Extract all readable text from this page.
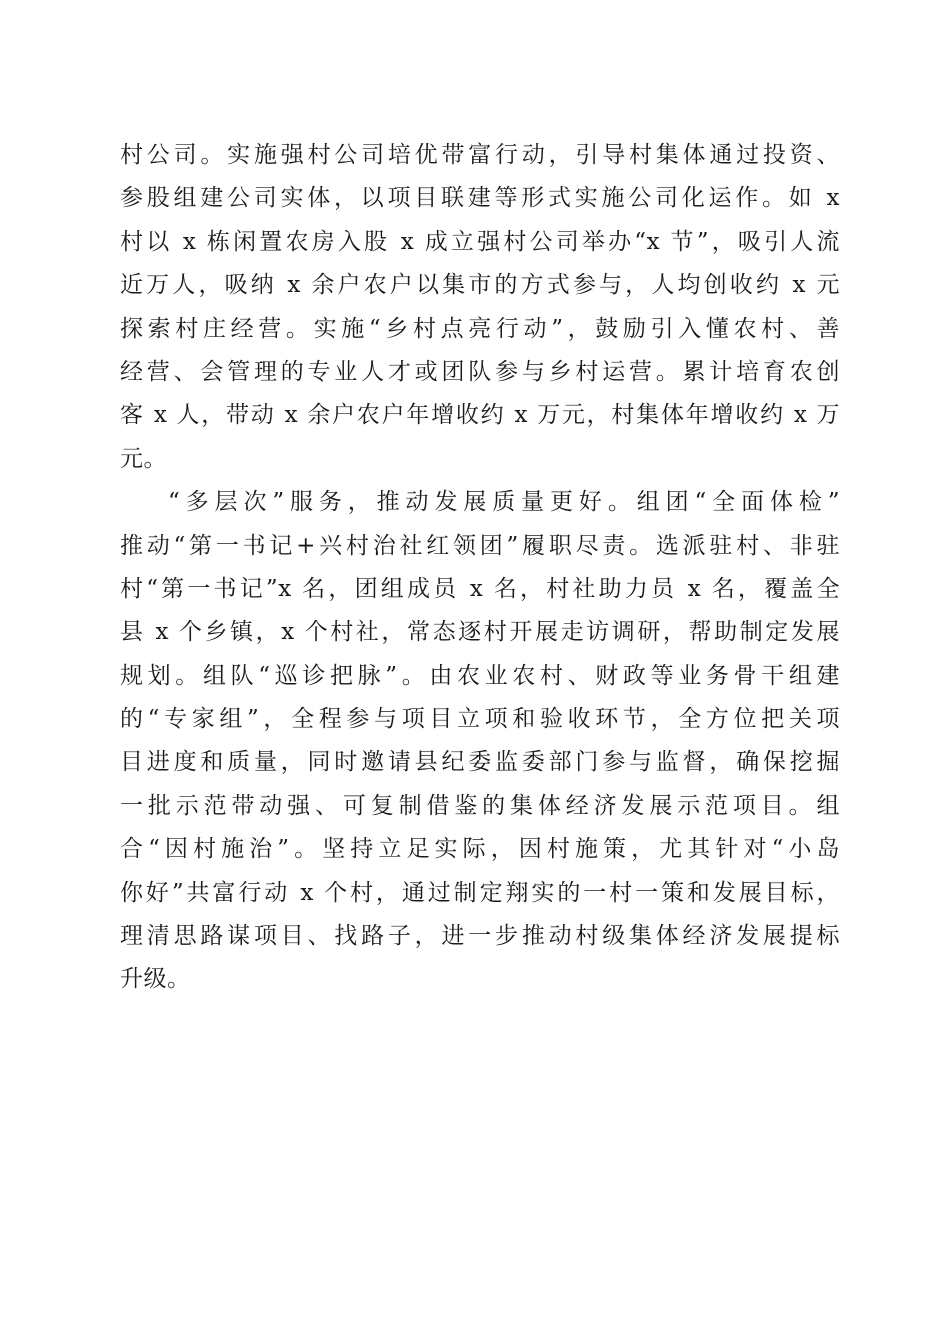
村公司。实施强村公司培优带富行动，引导村集体通过投资、
参股组建公司实体，以项目联建等形式实施公司化运作。如 x
村以 x 栋闲置农房入股 x 成立强村公司举办“x 节”，吸引人流
近万人，吸纳 x 余户农户以集市的方式参与，人均创收约 x 元
探索村庄经营。实施“乡村点亮行动”，鼓励引入懂农村、善
经营、会管理的专业人才或团队参与乡村运营。累计培育农创
客 x 人，带动 x 余户农户年增收约 x 万元，村集体年增收约 x 万
元。
“多层次”服务，推动发展质量更好。组团“全面体检”
推动“第一书记+兴村治社红领团”履职尽责。选派驻村、非驻
村“第一书记”x 名，团组成员 x 名，村社助力员 x 名，覆盖全
县 x 个乡镇，x 个村社，常态逐村开展走访调研，帮助制定发展
规划。组队“巡诊把脉”。由农业农村、财政等业务骨干组建
的“专家组”，全程参与项目立项和验收环节，全方位把关项
目进度和质量，同时邀请县纪委监委部门参与监督，确保挖掘
一批示范带动强、可复制借鉴的集体经济发展示范项目。组
合“因村施治”。坚持立足实际，因村施策，尤其针对“小岛
你好”共富行动 x 个村，通过制定翔实的一村一策和发展目标，
理清思路谋项目、找路子，进一步推动村级集体经济发展提标
升级。
